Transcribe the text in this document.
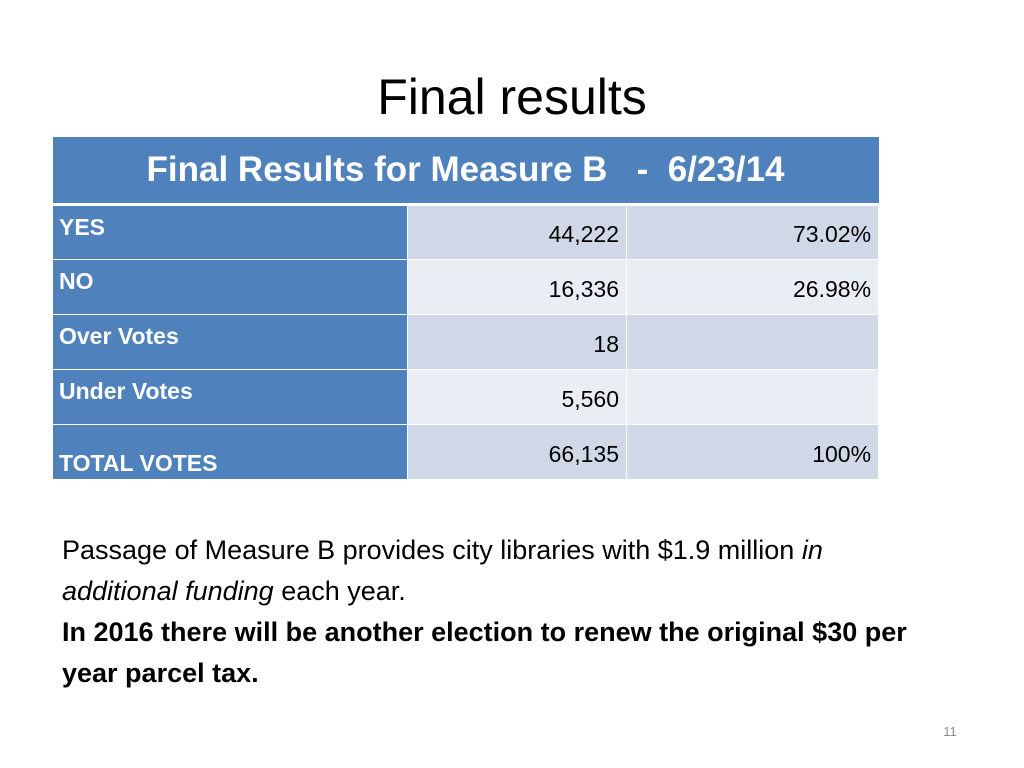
Final results
Final Results for Measure B   -  6/23/14		
YES	44,222	73.02%
NO	16,336	26.98%
Over Votes	18	
Under Votes	5,560	
TOTAL VOTES	66,135	100%

Passage of Measure B provides city libraries with $1.9 million in additional funding each year.

In 2016 there will be another election to renew the original $30 per year parcel tax.

11
